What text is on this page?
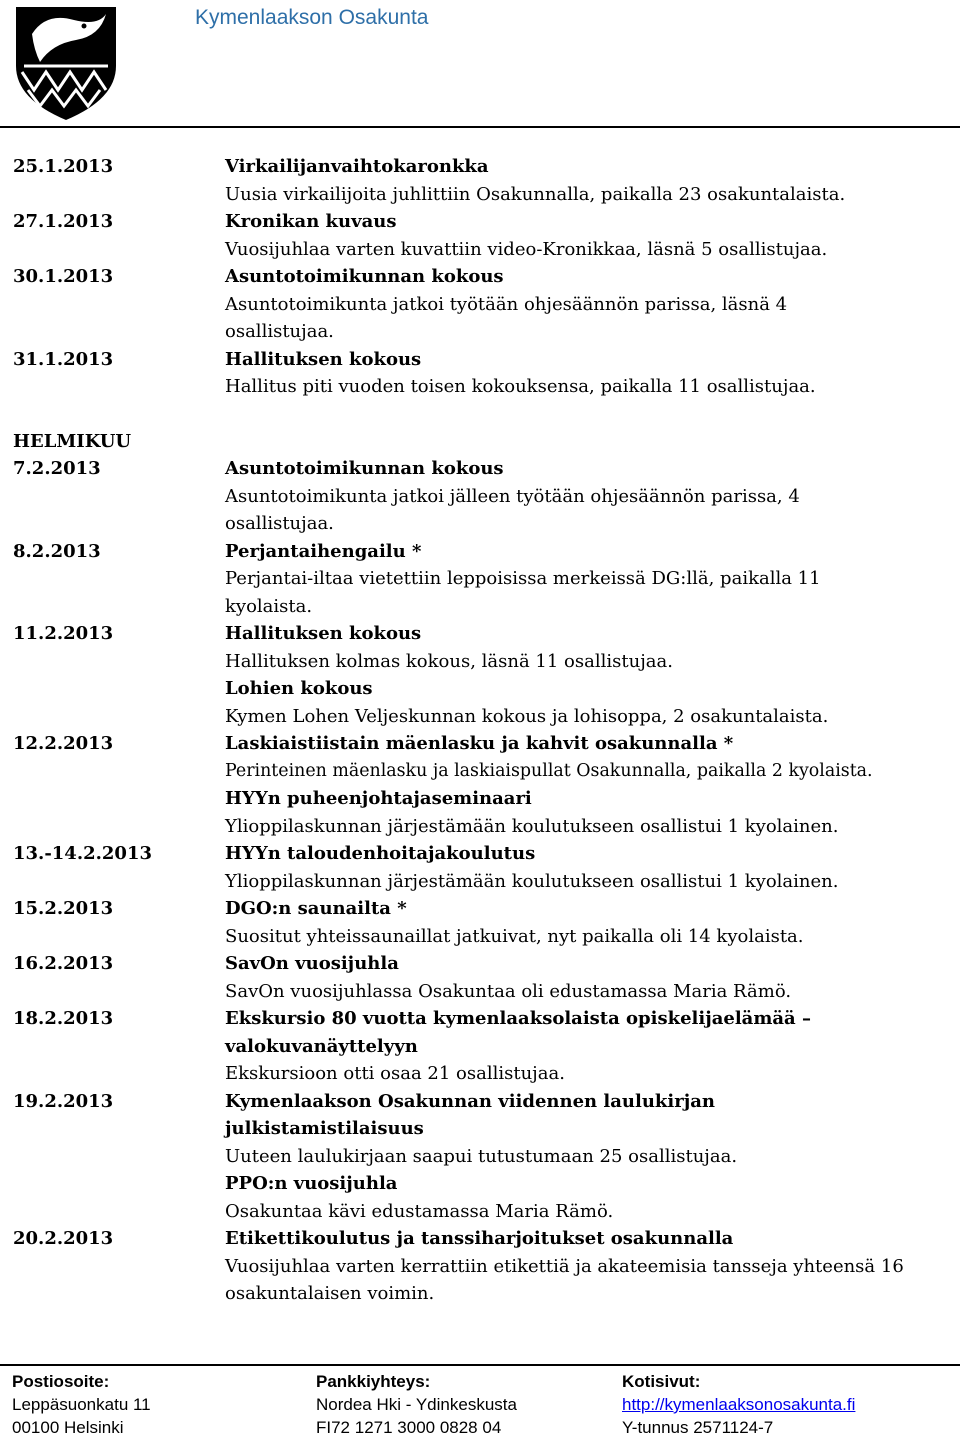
Kymenlaakson Osakunta
25.1.2013	Virkailijanvaihtokaronkka
Uusia virkailijoita juhlittiin Osakunnalla, paikalla 23 osakuntalaista.
27.1.2013	Kronikan kuvaus
Vuosijuhlaa varten kuvattiin video-Kronikkaa, läsnä 5 osallistujaa.
30.1.2013	Asuntotoimikunnan kokous
Asuntotoimikunta jatkoi työtään ohjesäännön parissa, läsnä 4 osallistujaa.
31.1.2013	Hallituksen kokous
Hallitus piti vuoden toisen kokouksensa, paikalla 11 osallistujaa.
HELMIKUU
7.2.2013	Asuntotoimikunnan kokous
Asuntotoimikunta jatkoi jälleen työtään ohjesäännön parissa, 4 osallistujaa.
8.2.2013	Perjantaihengailu *
Perjantai-iltaa vietettiin leppoisissa merkeissä DG:llä, paikalla 11 kyolaista.
11.2.2013	Hallituksen kokous
Hallituksen kolmas kokous, läsnä 11 osallistujaa.
Lohien kokous
Kymen Lohen Veljeskunnan kokous ja lohisoppa, 2 osakuntalaista.
12.2.2013	Laskiaistiistain mäenlasku ja kahvit osakunnalla *
Perinteinen mäenlasku ja laskiaispullat Osakunnalla, paikalla 2 kyolaista.
HYYn puheenjohtajaseminaari
Ylioppilaskunnan järjestämään koulutukseen osallistui 1 kyolainen.
13.-14.2.2013	HYYn taloudenhoitajakoulutus
Ylioppilaskunnan järjestämään koulutukseen osallistui 1 kyolainen.
15.2.2013	DGO:n saunailta *
Suositut yhteissaunaillat jatkuivat, nyt paikalla oli 14 kyolaista.
16.2.2013	SavOn vuosijuhla
SavOn vuosijuhlassa Osakuntaa oli edustamassa Maria Rämö.
18.2.2013	Ekskursio 80 vuotta kymenlaaksolaista opiskelijaelämää – valokuvanäyttelyyn
Ekskursioon otti osaa 21 osallistujaa.
19.2.2013	Kymenlaakson Osakunnan viidennen laulukirjan julkistamistilaisuus
Uuteen laulukirjaan saapui tutustumaan 25 osallistujaa.
PPO:n vuosijuhla
Osakuntaa kävi edustamassa Maria Rämö.
20.2.2013	Etikettikoulutus ja tanssiharjoitukset osakunnalla
Vuosijuhlaa varten kerrattiin etikettiä ja akateemisia tansseja yhteensä 16 osakuntalaisen voimin.
Postiosoite:
Leppäsuonkatu 11
00100 Helsinki
Pankkiyhteys:
Nordea Hki - Ydinkeskusta
FI72 1271 3000 0828 04
Kotisivut:
http://kymenlaaksonosakunta.fi
Y-tunnus 2571124-7
